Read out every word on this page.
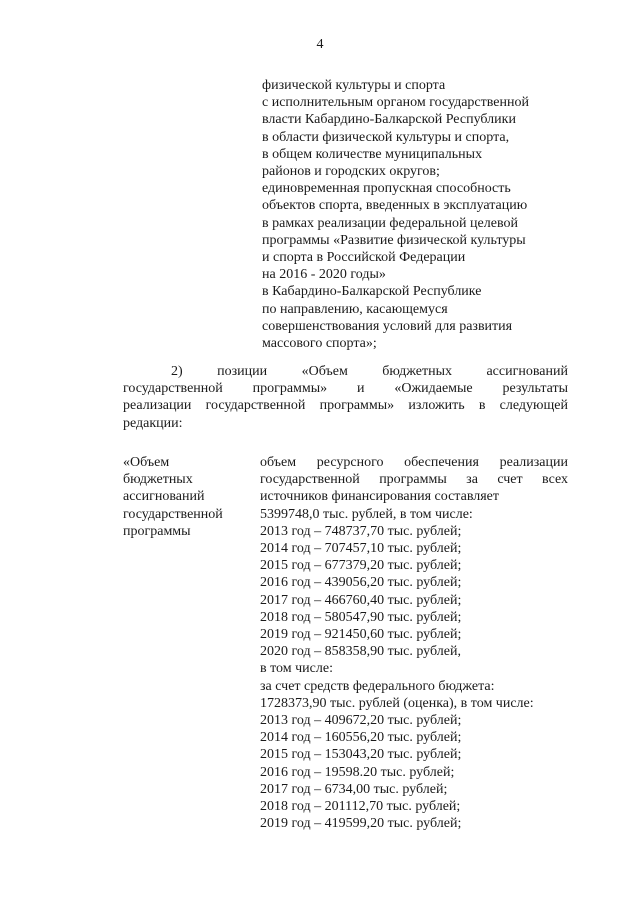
4
физической культуры и спорта
с исполнительным органом государственной
власти Кабардино-Балкарской Республики
в области физической культуры и спорта,
в общем количестве муниципальных
районов и городских округов;
единовременная пропускная способность
объектов спорта, введенных в эксплуатацию
в рамках реализации федеральной целевой
программы «Развитие физической культуры
и спорта в Российской Федерации
на 2016 - 2020 годы»
в Кабардино-Балкарской Республике
по направлению, касающемуся
совершенствования условий для развития
массового спорта»;
2) позиции «Объем бюджетных ассигнований
государственной программы» и «Ожидаемые результаты
реализации государственной программы» изложить в следующей
редакции:
«Объем
бюджетных
ассигнований
государственной
программы
объем ресурсного обеспечения реализации
государственной программы за счет всех
источников финансирования составляет
5399748,0 тыс. рублей, в том числе:
2013 год – 748737,70 тыс. рублей;
2014 год – 707457,10 тыс. рублей;
2015 год – 677379,20 тыс. рублей;
2016 год – 439056,20 тыс. рублей;
2017 год – 466760,40 тыс. рублей;
2018 год – 580547,90 тыс. рублей;
2019 год – 921450,60 тыс. рублей;
2020 год – 858358,90 тыс. рублей,
в том числе:
за счет средств федерального бюджета:
1728373,90 тыс. рублей (оценка), в том числе:
2013 год – 409672,20 тыс. рублей;
2014 год – 160556,20 тыс. рублей;
2015 год – 153043,20 тыс. рублей;
2016 год – 19598.20 тыс. рублей;
2017 год – 6734,00 тыс. рублей;
2018 год – 201112,70 тыс. рублей;
2019 год – 419599,20 тыс. рублей;
